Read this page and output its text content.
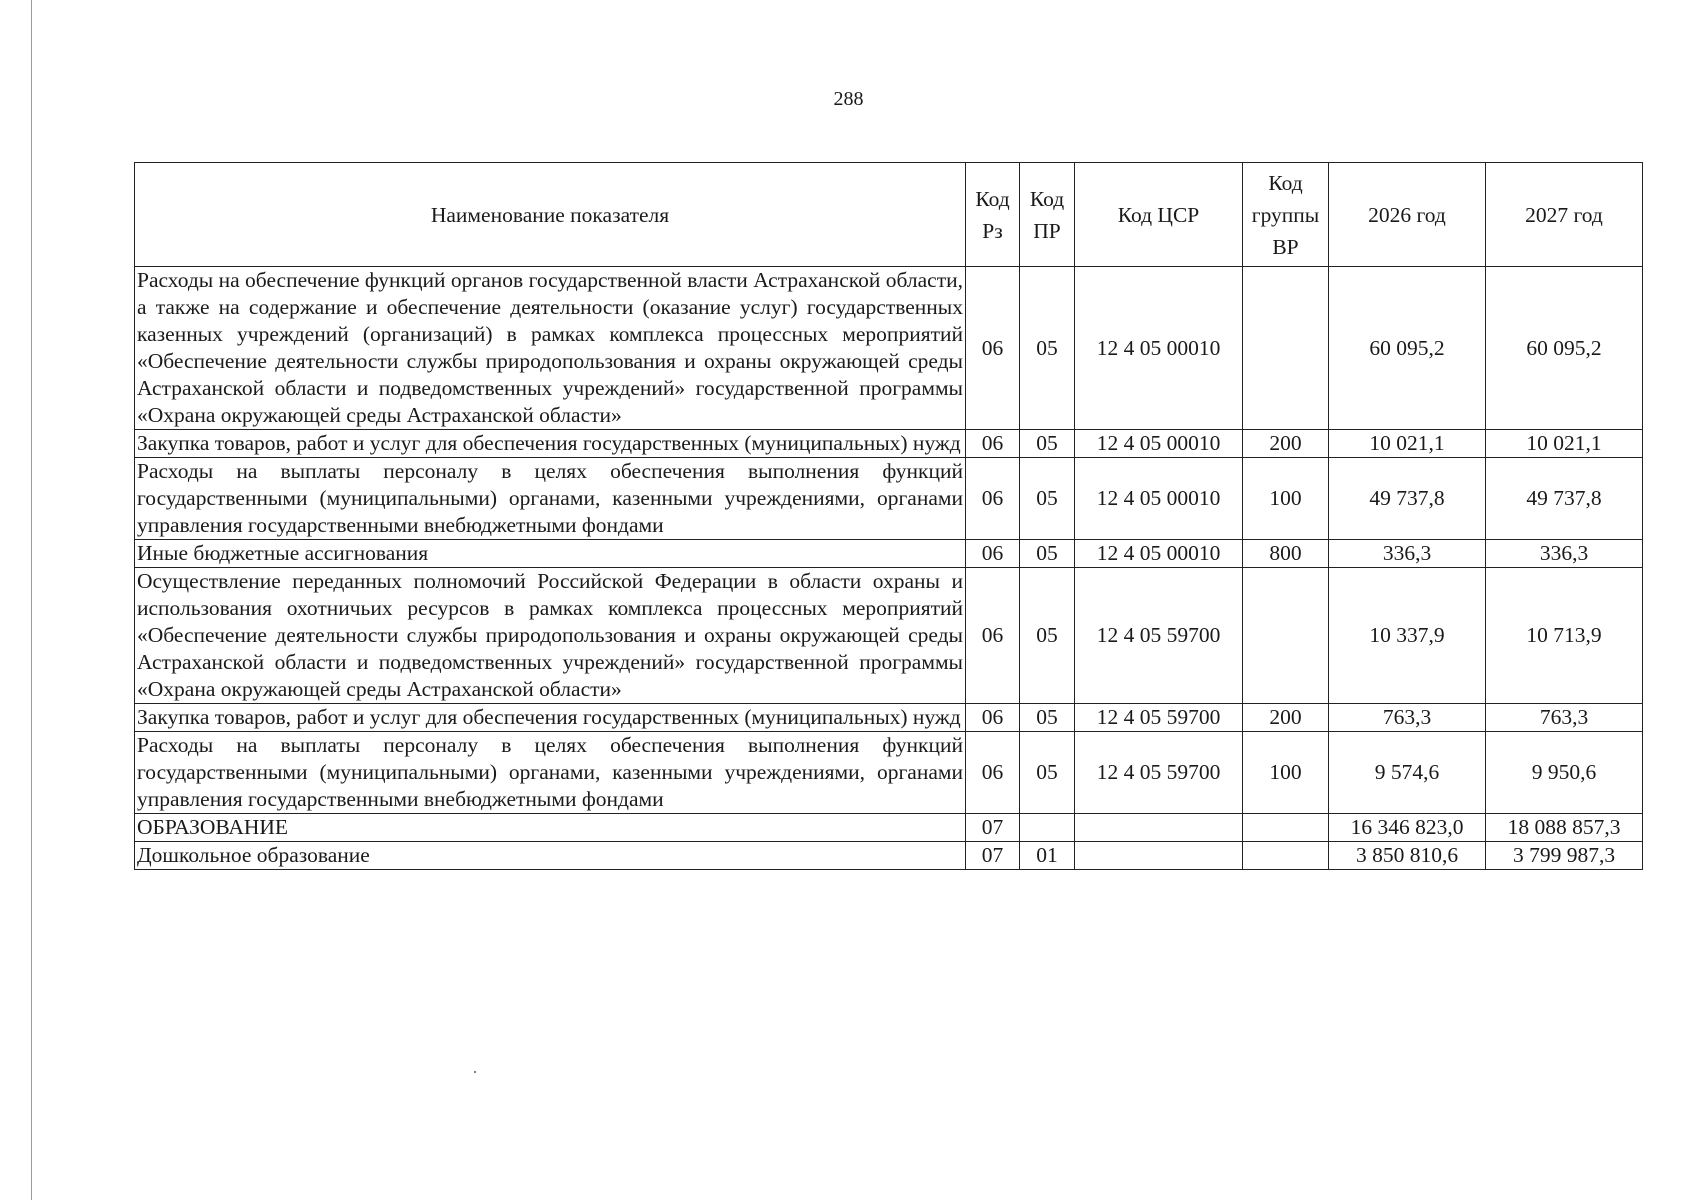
288
Наименование показателя	Код Рз	Код ПР	Код ЦСР	Код группы ВР	2026 год	2027 год
Расходы на обеспечение функций органов государственной власти Астраханской области, а также на содержание и обеспечение деятельности (оказание услуг) государственных казенных учреждений (организаций) в рамках комплекса процессных мероприятий «Обеспечение деятельности службы природопользования и охраны окружающей среды Астраханской области и подведомственных учреждений» государственной программы «Охрана окружающей среды Астраханской области»	06	05	12 4 05 00010		60 095,2	60 095,2
Закупка товаров, работ и услуг для обеспечения государственных (муниципальных) нужд	06	05	12 4 05 00010	200	10 021,1	10 021,1
Расходы на выплаты персоналу в целях обеспечения выполнения функций государственными (муниципальными) органами, казенными учреждениями, органами управления государственными внебюджетными фондами	06	05	12 4 05 00010	100	49 737,8	49 737,8
Иные бюджетные ассигнования	06	05	12 4 05 00010	800	336,3	336,3
Осуществление переданных полномочий Российской Федерации в области охраны и использования охотничьих ресурсов в рамках комплекса процессных мероприятий «Обеспечение деятельности службы природопользования и охраны окружающей среды Астраханской области и подведомственных учреждений» государственной программы «Охрана окружающей среды Астраханской области»	06	05	12 4 05 59700		10 337,9	10 713,9
Закупка товаров, работ и услуг для обеспечения государственных (муниципальных) нужд	06	05	12 4 05 59700	200	763,3	763,3
Расходы на выплаты персоналу в целях обеспечения выполнения функций государственными (муниципальными) органами, казенными учреждениями, органами управления государственными внебюджетными фондами	06	05	12 4 05 59700	100	9 574,6	9 950,6
ОБРАЗОВАНИЕ	07				16 346 823,0	18 088 857,3
Дошкольное образование	07	01			3 850 810,6	3 799 987,3
